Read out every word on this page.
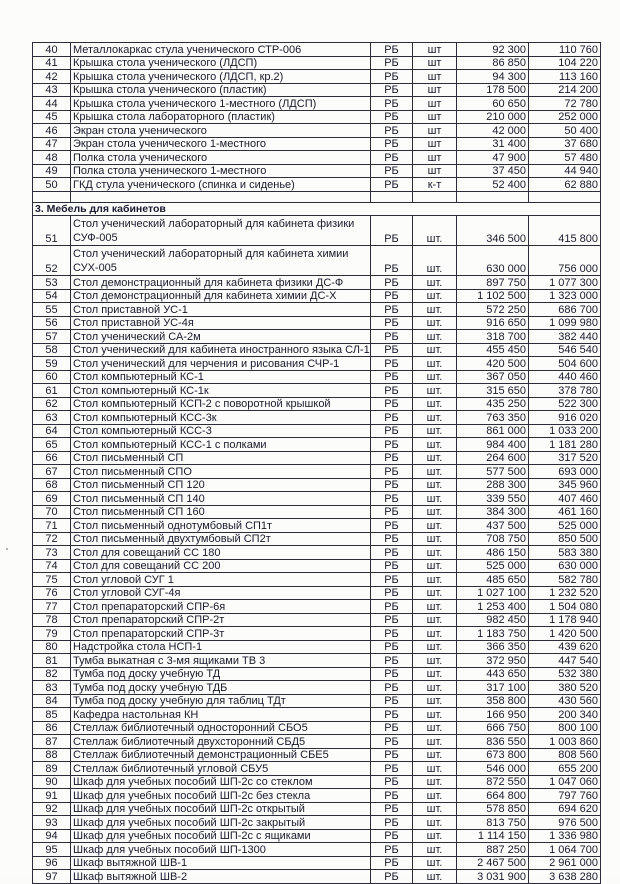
40	Металлокаркас стула ученического СТР-006	РБ	шт	92 300	110 760
41	Крышка стола ученического (ЛДСП)	РБ	шт	86 850	104 220
42	Крышка стола ученического (ЛДСП, кр.2)	РБ	шт	94 300	113 160
43	Крышка стола ученического (пластик)	РБ	шт	178 500	214 200
44	Крышка стола ученического 1-местного (ЛДСП)	РБ	шт	60 650	72 780
45	Крышка стола лабораторного (пластик)	РБ	шт	210 000	252 000
46	Экран стола ученического	РБ	шт	42 000	50 400
47	Экран стола ученического 1-местного	РБ	шт	31 400	37 680
48	Полка стола ученического	РБ	шт	47 900	57 480
49	Полка стола ученического 1-местного	РБ	шт	37 450	44 940
50	ГКД стула ученического (спинка и сиденье)	РБ	к-т	52 400	62 880

3. Мебель для кабинетов					
51	Стол ученический лабораторный для кабинета физики
СУФ-005	РБ	шт.	346 500	415 800
52	Стол ученический лабораторный для кабинета химии
СУХ-005	РБ	шт.	630 000	756 000
53	Стол демонстрационный для кабинета физики ДС-Ф	РБ	шт.	897 750	1 077 300
54	Стол демонстрационный для кабинета химии ДС-Х	РБ	шт.	1 102 500	1 323 000
55	Стол приставной УС-1	РБ	шт.	572 250	686 700
56	Стол приставной УС-4я	РБ	шт.	916 650	1 099 980
57	Стол ученический СА-2м	РБ	шт.	318 700	382 440
58	Стол ученический для кабинета иностранного языка СЛ-1	РБ	шт.	455 450	546 540
59	Стол ученический для черчения и рисования СЧР-1	РБ	шт.	420 500	504 600
60	Стол компьютерный КС-1	РБ	шт.	367 050	440 460
61	Стол компьютерный КС-1к	РБ	шт.	315 650	378 780
62	Стол компьютерный КСП-2 с поворотной крышкой	РБ	шт.	435 250	522 300
63	Стол компьютерный КСС-3к	РБ	шт.	763 350	916 020
64	Стол компьютерный КСС-3	РБ	шт.	861 000	1 033 200
65	Стол компьютерный КСС-1 с полками	РБ	шт.	984 400	1 181 280
66	Стол письменный СП	РБ	шт.	264 600	317 520
67	Стол письменный СПО	РБ	шт.	577 500	693 000
68	Стол письменный СП 120	РБ	шт.	288 300	345 960
69	Стол письменный СП 140	РБ	шт.	339 550	407 460
70	Стол письменный СП 160	РБ	шт.	384 300	461 160
71	Стол письменный однотумбовый СП1т	РБ	шт.	437 500	525 000
72	Стол письменный двухтумбовый СП2т	РБ	шт.	708 750	850 500
73	Стол для совещаний СС 180	РБ	шт.	486 150	583 380
74	Стол для совещаний СС 200	РБ	шт.	525 000	630 000
75	Стол угловой СУГ 1	РБ	шт.	485 650	582 780
76	Стол угловой СУГ-4я	РБ	шт.	1 027 100	1 232 520
77	Стол препараторский СПР-6я	РБ	шт.	1 253 400	1 504 080
78	Стол препараторский СПР-2т	РБ	шт.	982 450	1 178 940
79	Стол препараторский СПР-3т	РБ	шт.	1 183 750	1 420 500
80	Надстройка стола НСП-1	РБ	шт.	366 350	439 620
81	Тумба выкатная с 3-мя ящиками ТВ 3	РБ	шт.	372 950	447 540
82	Тумба под доску учебную ТД	РБ	шт.	443 650	532 380
83	Тумба под доску учебную ТДБ	РБ	шт.	317 100	380 520
84	Тумба под доску учебную для таблиц ТДт	РБ	шт.	358 800	430 560
85	Кафедра настольная КН	РБ	шт.	166 950	200 340
86	Стеллаж библиотечный односторонний СБО5	РБ	шт.	666 750	800 100
87	Стеллаж библиотечный двухсторонний СБД5	РБ	шт.	836 550	1 003 860
88	Стеллаж библиотечный демонстрационный СБЕ5	РБ	шт.	673 800	808 560
89	Стеллаж библиотечный угловой СБУ5	РБ	шт.	546 000	655 200
90	Шкаф для учебных пособий ШП-2с со стеклом	РБ	шт.	872 550	1 047 060
91	Шкаф для учебных пособий ШП-2с без стекла	РБ	шт.	664 800	797 760
92	Шкаф для учебных пособий ШП-2с открытый	РБ	шт.	578 850	694 620
93	Шкаф для учебных пособий ШП-2с закрытый	РБ	шт.	813 750	976 500
94	Шкаф для учебных пособий ШП-2с с ящиками	РБ	шт.	1 114 150	1 336 980
95	Шкаф для учебных пособий ШП-1300	РБ	шт.	887 250	1 064 700
96	Шкаф вытяжной ШВ-1	РБ	шт.	2 467 500	2 961 000
97	Шкаф вытяжной ШВ-2	РБ	шт.	3 031 900	3 638 280
